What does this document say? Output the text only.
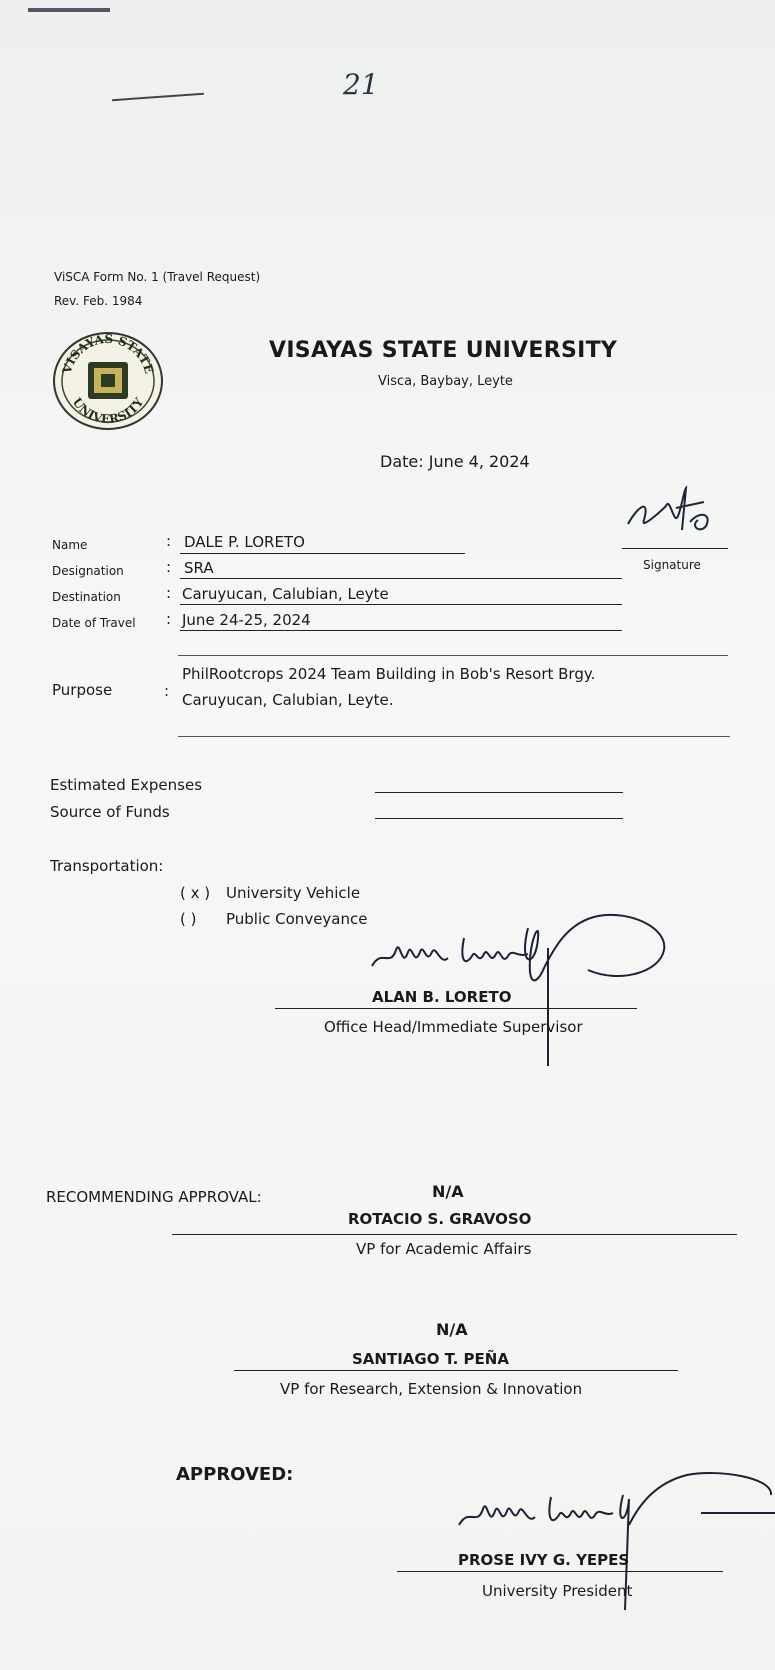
21
ViSCA Form No. 1 (Travel Request)
Rev. Feb. 1984
VISAYAS STATE
UNIVERSITY
VISAYAS STATE UNIVERSITY
Visca, Baybay, Leyte
Date: June 4, 2024
Signature
Name	: DALE P. LORETO
Designation	: SRA
Destination	: Caruyucan, Calubian, Leyte
Date of Travel : June 24-25, 2024
Purpose	:
PhilRootcrops 2024 Team Building in Bob's Resort Brgy.
Caruyucan, Calubian, Leyte.
Estimated Expenses
Source of Funds
Transportation:
( x ) University Vehicle
( ) Public Conveyance
ALAN B. LORETO
Office Head/Immediate Supervisor
RECOMMENDING APPROVAL:	N/A
ROTACIO S. GRAVOSO
VP for Academic Affairs
N/A
SANTIAGO T. PEÑA
VP for Research, Extension & Innovation
APPROVED:
PROSE IVY G. YEPES
University President
